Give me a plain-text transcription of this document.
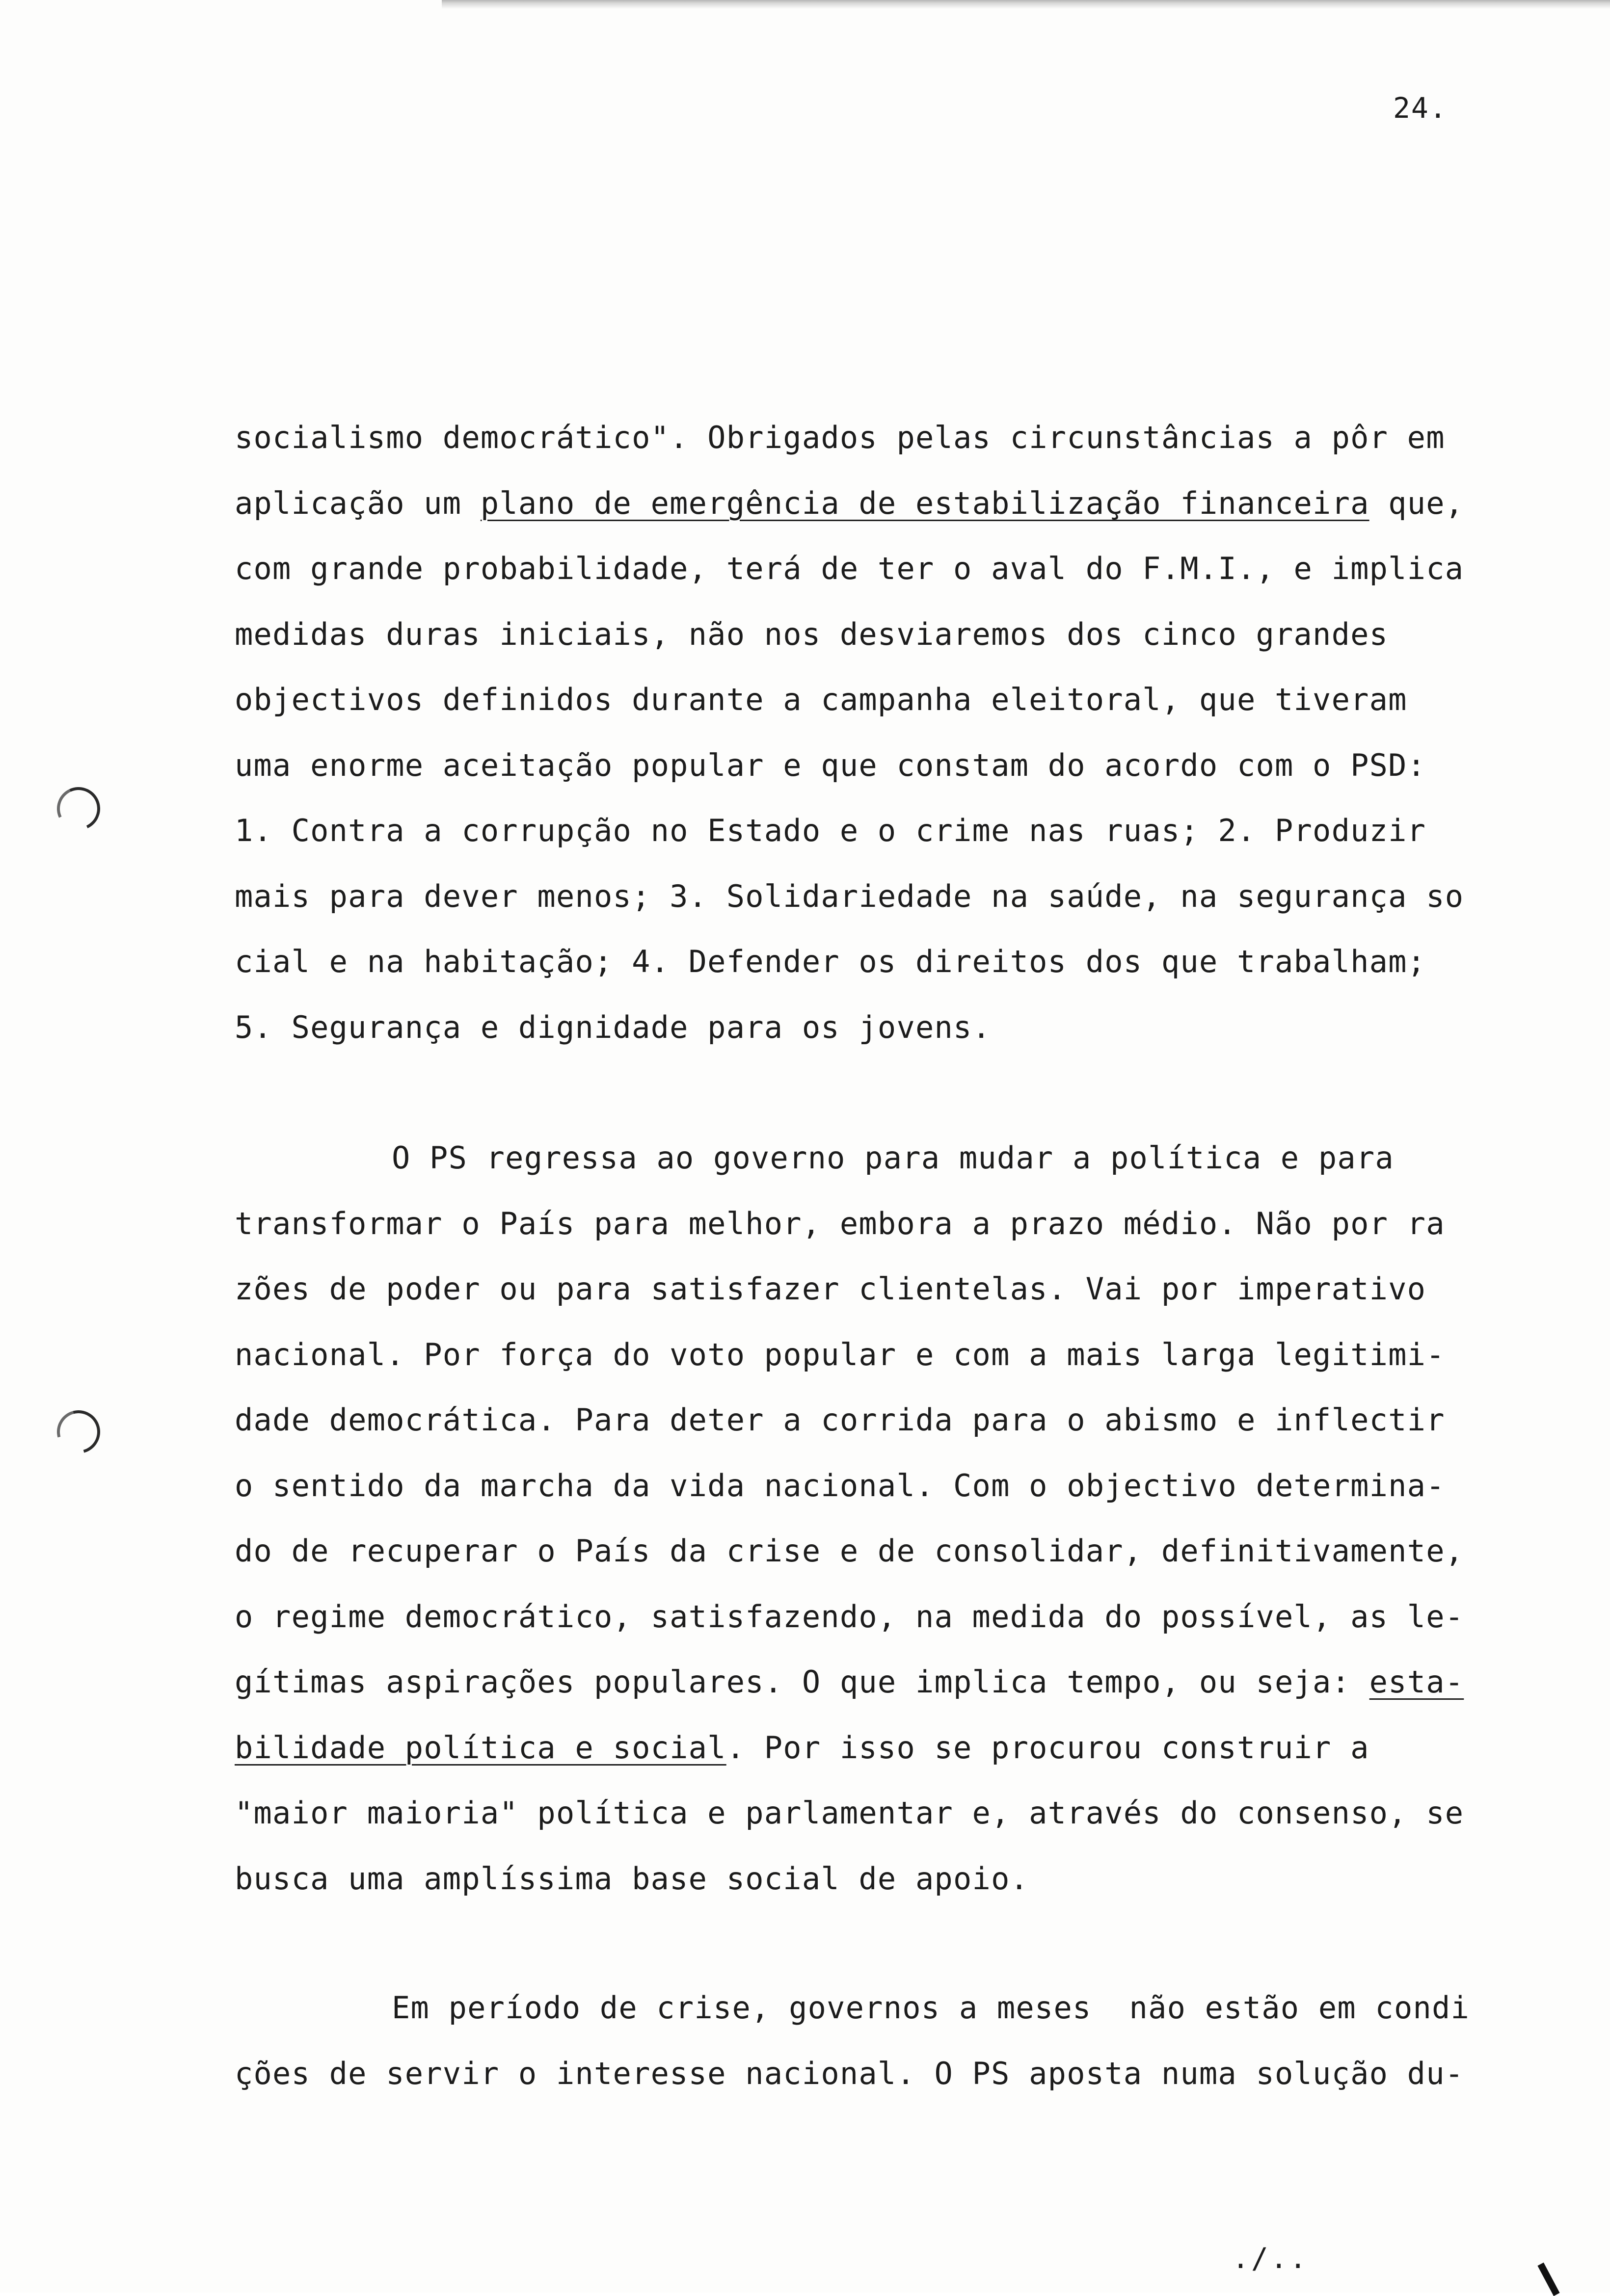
24.
socialismo democrático". Obrigados pelas circunstâncias a pôr em
aplicação um plano de emergência de estabilização financeira que,
com grande probabilidade, terá de ter o aval do F.M.I., e implica
medidas duras iniciais, não nos desviaremos dos cinco grandes
objectivos definidos durante a campanha eleitoral, que tiveram
uma enorme aceitação popular e que constam do acordo com o PSD:
1. Contra a corrupção no Estado e o crime nas ruas; 2. Produzir
mais para dever menos; 3. Solidariedade na saúde, na segurança so
cial e na habitação; 4. Defender os direitos dos que trabalham;
5. Segurança e dignidade para os jovens.
O PS regressa ao governo para mudar a política e para
transformar o País para melhor, embora a prazo médio. Não por ra
zões de poder ou para satisfazer clientelas. Vai por imperativo
nacional. Por força do voto popular e com a mais larga legitimi-
dade democrática. Para deter a corrida para o abismo e inflectir
o sentido da marcha da vida nacional. Com o objectivo determina-
do de recuperar o País da crise e de consolidar, definitivamente,
o regime democrático, satisfazendo, na medida do possível, as le-
gítimas aspirações populares. O que implica tempo, ou seja: esta-
bilidade política e social. Por isso se procurou construir a
"maior maioria" política e parlamentar e, através do consenso, se
busca uma amplíssima base social de apoio.
Em período de crise, governos a meses  não estão em condi
ções de servir o interesse nacional. O PS aposta numa solução du-
./..
